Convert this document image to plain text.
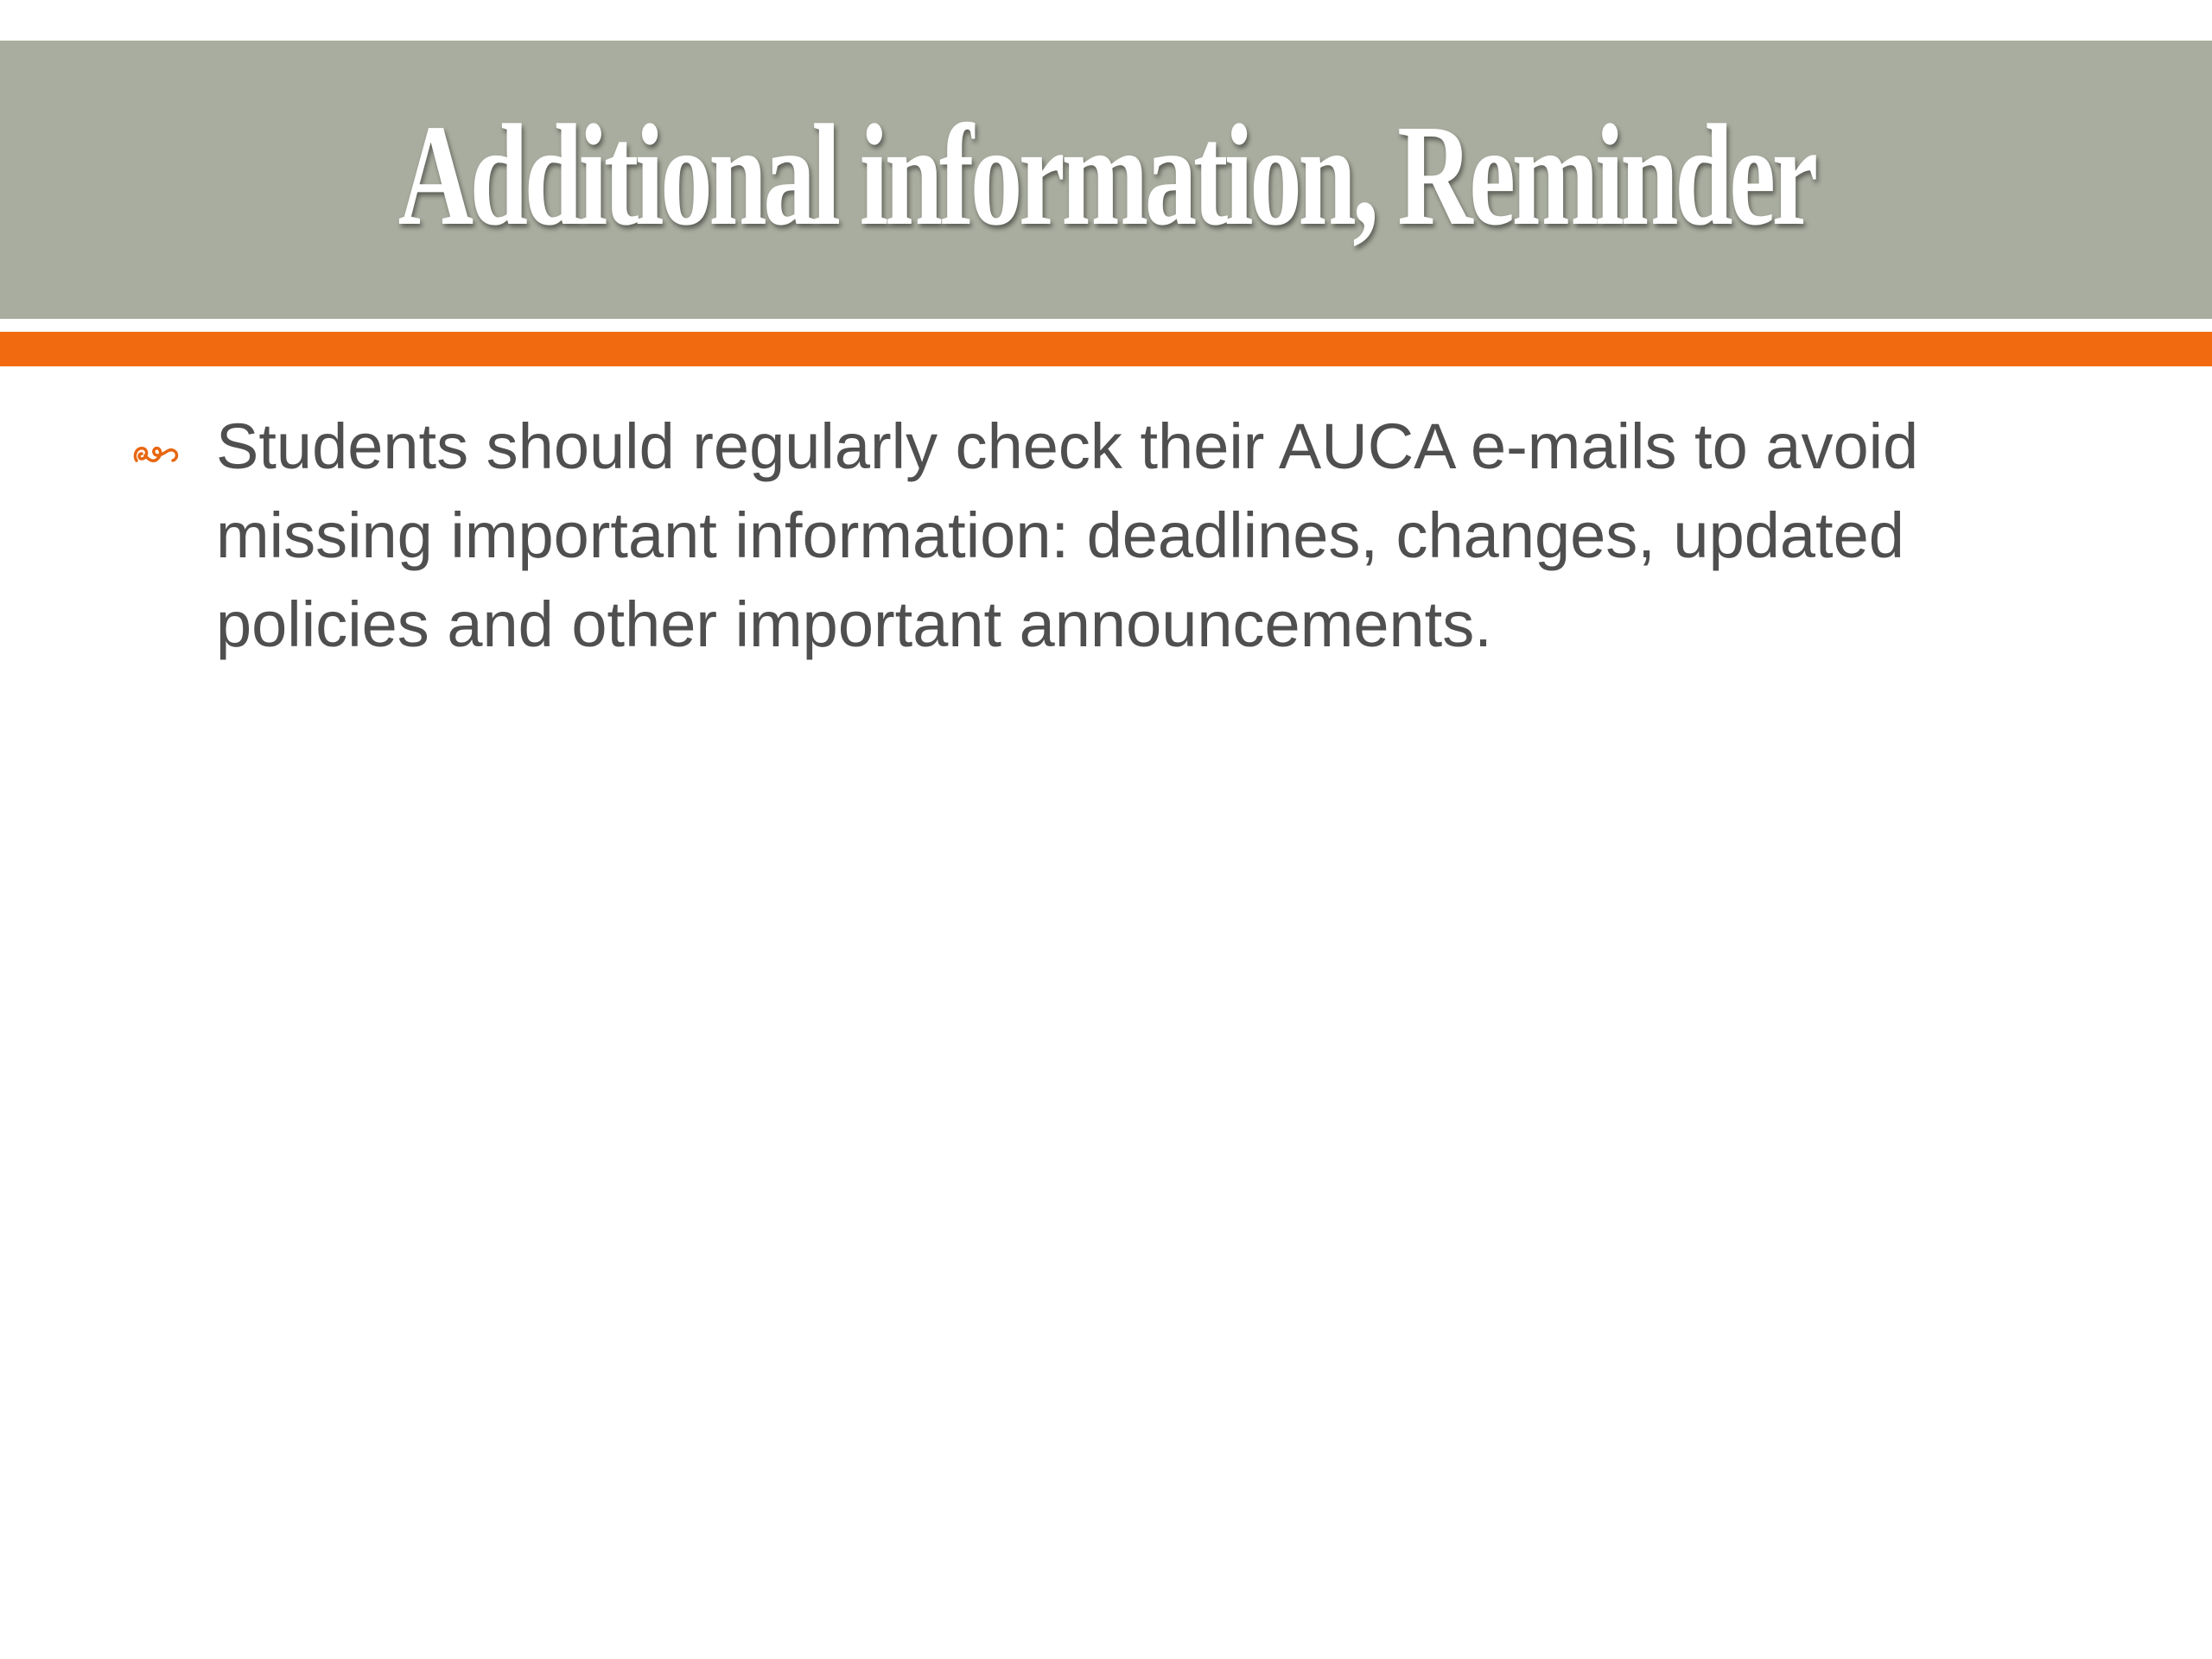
Additional information, Reminder
Students should regularly check their AUCA e-mails to avoid missing important information: deadlines, changes, updated policies and other important announcements.
